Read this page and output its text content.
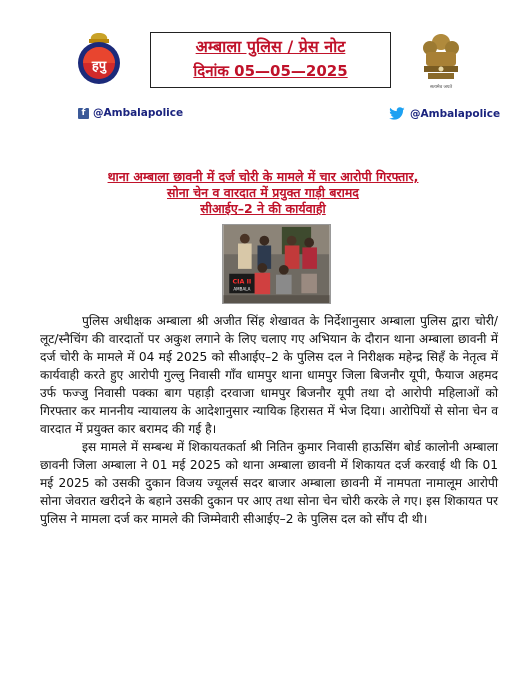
हपु
अम्बाला पुलिस / प्रेस नोट
दिनांक 05—05—2025
सत्यमेव जयते
f @Ambalapolice	@Ambalapolice
थाना अम्बाला छावनी में दर्ज चोरी के मामले में चार आरोपी गिरफ्तार,
सोना चेन व वारदात में प्रयुक्त गाड़ी बरामद
सीआईए–2 ने की कार्यवाही
CIA II
AMBALA

पुलिस अधीक्षक अम्बाला श्री अजीत सिंह शेखावत के निर्देशानुसार अम्बाला पुलिस द्वारा चोरी/लूट/स्नैचिंग की वारदातों पर अकुश लगाने के लिए चलाए गए अभियान के दौरान थाना अम्बाला छावनी में दर्ज चोरी के मामले में 04 मई 2025 को सीआईए–2 के पुलिस दल ने निरीक्षक महेन्द्र सिहँ के नेतृत्व में कार्यवाही करते हुए आरोपी गुल्लु निवासी गाँव धामपुर थाना धामपुर जिला बिजनौर यूपी, फैयाज अहमद उर्फ फज्जु निवासी पक्का बाग पहाड़ी दरवाजा धामपुर बिजनौर यूपी तथा दो आरोपी महिलाओं को गिरफ्तार कर माननीय न्यायालय के आदेशानुसार न्यायिक हिरासत में भेज दिया। आरोपियों से सोना चेन व वारदात में प्रयुक्त कार बरामद की गई है।

इस मामले में सम्बन्ध में शिकायतकर्ता श्री नितिन कुमार निवासी हाऊसिंग बोर्ड कालोनी अम्बाला छावनी जिला अम्बाला ने 01 मई 2025 को थाना अम्बाला छावनी में शिकायत दर्ज करवाई थी कि 01 मई 2025 को उसकी दुकान विजय ज्यूलर्स सदर बाजार अम्बाला छावनी में नामपता नामालूम आरोपी सोना जेवरात खरीदने के बहाने उसकी दुकान पर आए तथा सोना चेन चोरी करके ले गए। इस शिकायत पर पुलिस ने मामला दर्ज कर मामले की जिम्मेवारी सीआईए–2 के पुलिस दल को सौंप दी थी।
